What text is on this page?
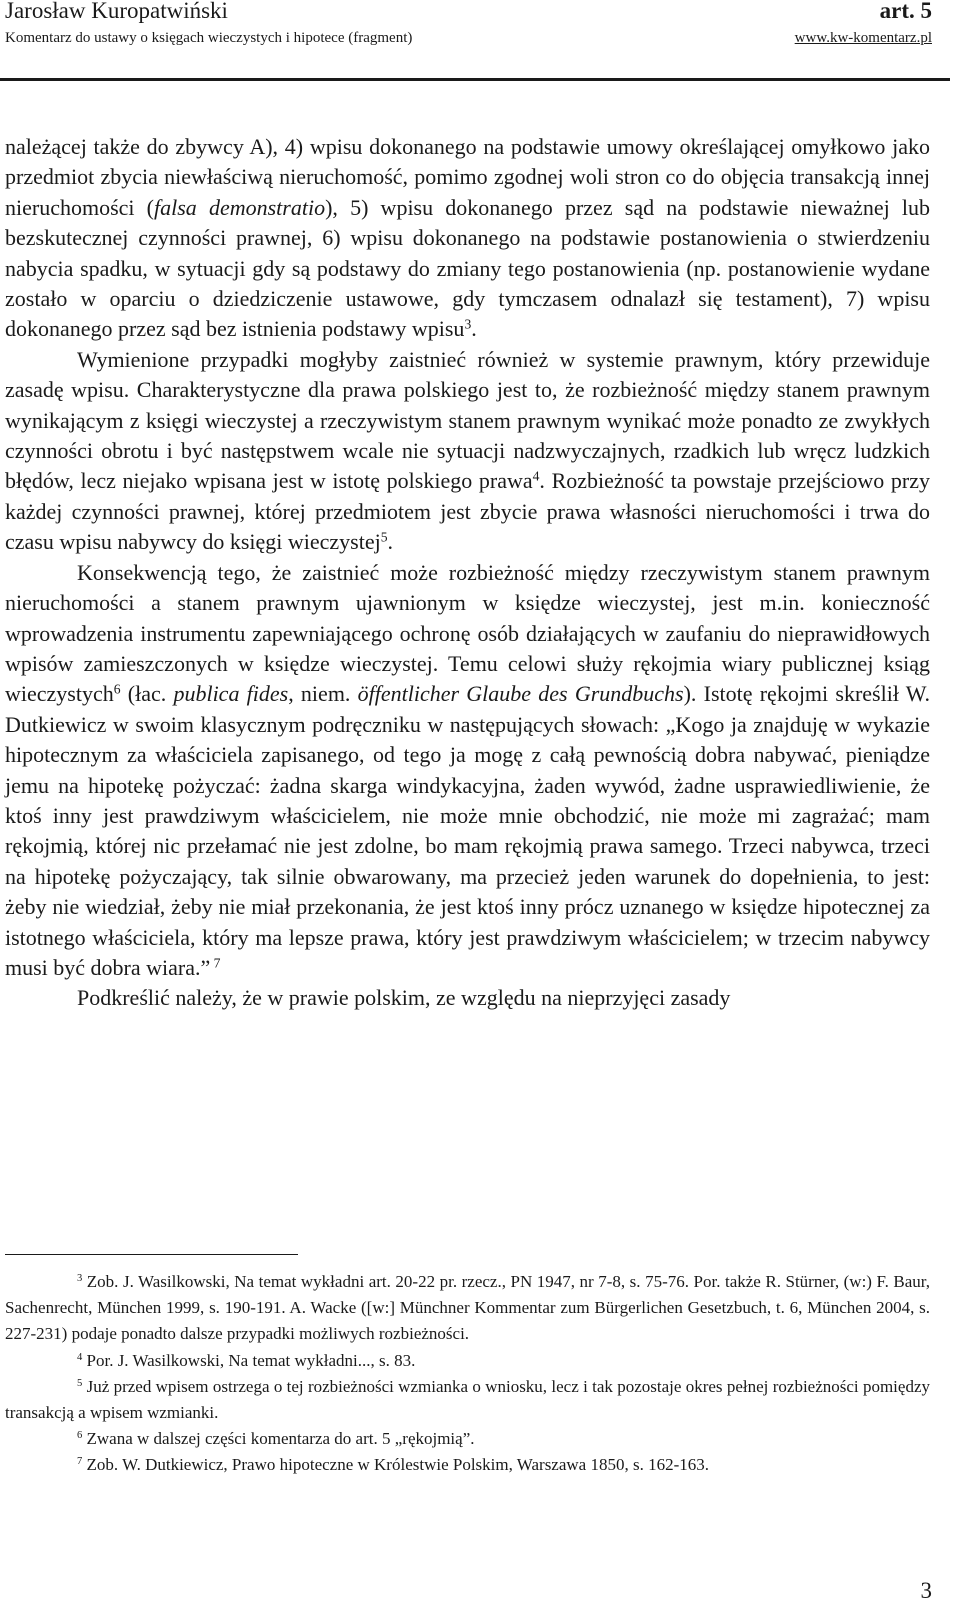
Jarosław Kuropatwiński	art. 5
Komentarz do ustawy o księgach wieczystych i hipotece (fragment)	www.kw-komentarz.pl

należącej także do zbywcy A), 4) wpisu dokonanego na podstawie umowy określającej omyłkowo jako przedmiot zbycia niewłaściwą nieruchomość, pomimo zgodnej woli stron co do objęcia transakcją innej nieruchomości (falsa demonstratio), 5) wpisu dokonanego przez sąd na podstawie nieważnej lub bezskutecznej czynności prawnej, 6) wpisu dokonanego na podstawie postanowienia o stwierdzeniu nabycia spadku, w sytuacji gdy są podstawy do zmiany tego postanowienia (np. postanowienie wydane zostało w oparciu o dziedziczenie ustawowe, gdy tymczasem odnalazł się testament), 7) wpisu dokonanego przez sąd bez istnienia podstawy wpisu$^3$.

Wymienione przypadki mogłyby zaistnieć również w systemie prawnym, który przewiduje zasadę wpisu. Charakterystyczne dla prawa polskiego jest to, że rozbieżność między stanem prawnym wynikającym z księgi wieczystej a rzeczywistym stanem prawnym wynikać może ponadto ze zwykłych czynności obrotu i być następstwem wcale nie sytuacji nadzwyczajnych, rzadkich lub wręcz ludzkich błędów, lecz niejako wpisana jest w istotę polskiego prawa$^4$. Rozbieżność ta powstaje przejściowo przy każdej czynności prawnej, której przedmiotem jest zbycie prawa własności nieruchomości i trwa do czasu wpisu nabywcy do księgi wieczystej$^5$.

Konsekwencją tego, że zaistnieć może rozbieżność między rzeczywistym stanem prawnym nieruchomości a stanem prawnym ujawnionym w księdze wieczystej, jest m.in. konieczność wprowadzenia instrumentu zapewniającego ochronę osób działających w zaufaniu do nieprawidłowych wpisów zamieszczonych w księdze wieczystej. Temu celowi służy rękojmia wiary publicznej ksiąg wieczystych$^6$ (łac. publica fides, niem. öffentlicher Glaube des Grundbuchs). Istotę rękojmi skreślił W. Dutkiewicz w swoim klasycznym podręczniku w następujących słowach: „Kogo ja znajduję w wykazie hipotecznym za właściciela zapisanego, od tego ja mogę z całą pewnością dobra nabywać, pieniądze jemu na hipotekę pożyczać: żadna skarga windykacyjna, żaden wywód, żadne usprawiedliwienie, że ktoś inny jest prawdziwym właścicielem, nie może mnie obchodzić, nie może mi zagrażać; mam rękojmią, której nic przełamać nie jest zdolne, bo mam rękojmią prawa samego. Trzeci nabywca, trzeci na hipotekę pożyczający, tak silnie obwarowany, ma przecież jeden warunek do dopełnienia, to jest: żeby nie wiedział, żeby nie miał przekonania, że jest ktoś inny prócz uznanego w księdze hipotecznej za istotnego właściciela, który ma lepsze prawa, który jest prawdziwym właścicielem; w trzecim nabywcy musi być dobra wiara.” $^7$

Podkreślić należy, że w prawie polskim, ze względu na nieprzyjęci zasady

$^3$ Zob. J. Wasilkowski, Na temat wykładni art. 20-22 pr. rzecz., PN 1947, nr 7-8, s. 75-76. Por. także R. Stürner, (w:) F. Baur, Sachenrecht, München 1999, s. 190-191. A. Wacke ([w:] Münchner Kommentar zum Bürgerlichen Gesetzbuch, t. 6, München 2004, s. 227-231) podaje ponadto dalsze przypadki możliwych rozbieżności.

$^4$ Por. J. Wasilkowski, Na temat wykładni..., s. 83.

$^5$ Już przed wpisem ostrzega o tej rozbieżności wzmianka o wniosku, lecz i tak pozostaje okres pełnej rozbieżności pomiędzy transakcją a wpisem wzmianki.

$^6$ Zwana w dalszej części komentarza do art. 5 „rękojmią”.

$^7$ Zob. W. Dutkiewicz, Prawo hipoteczne w Królestwie Polskim, Warszawa 1850, s. 162-163.

3
